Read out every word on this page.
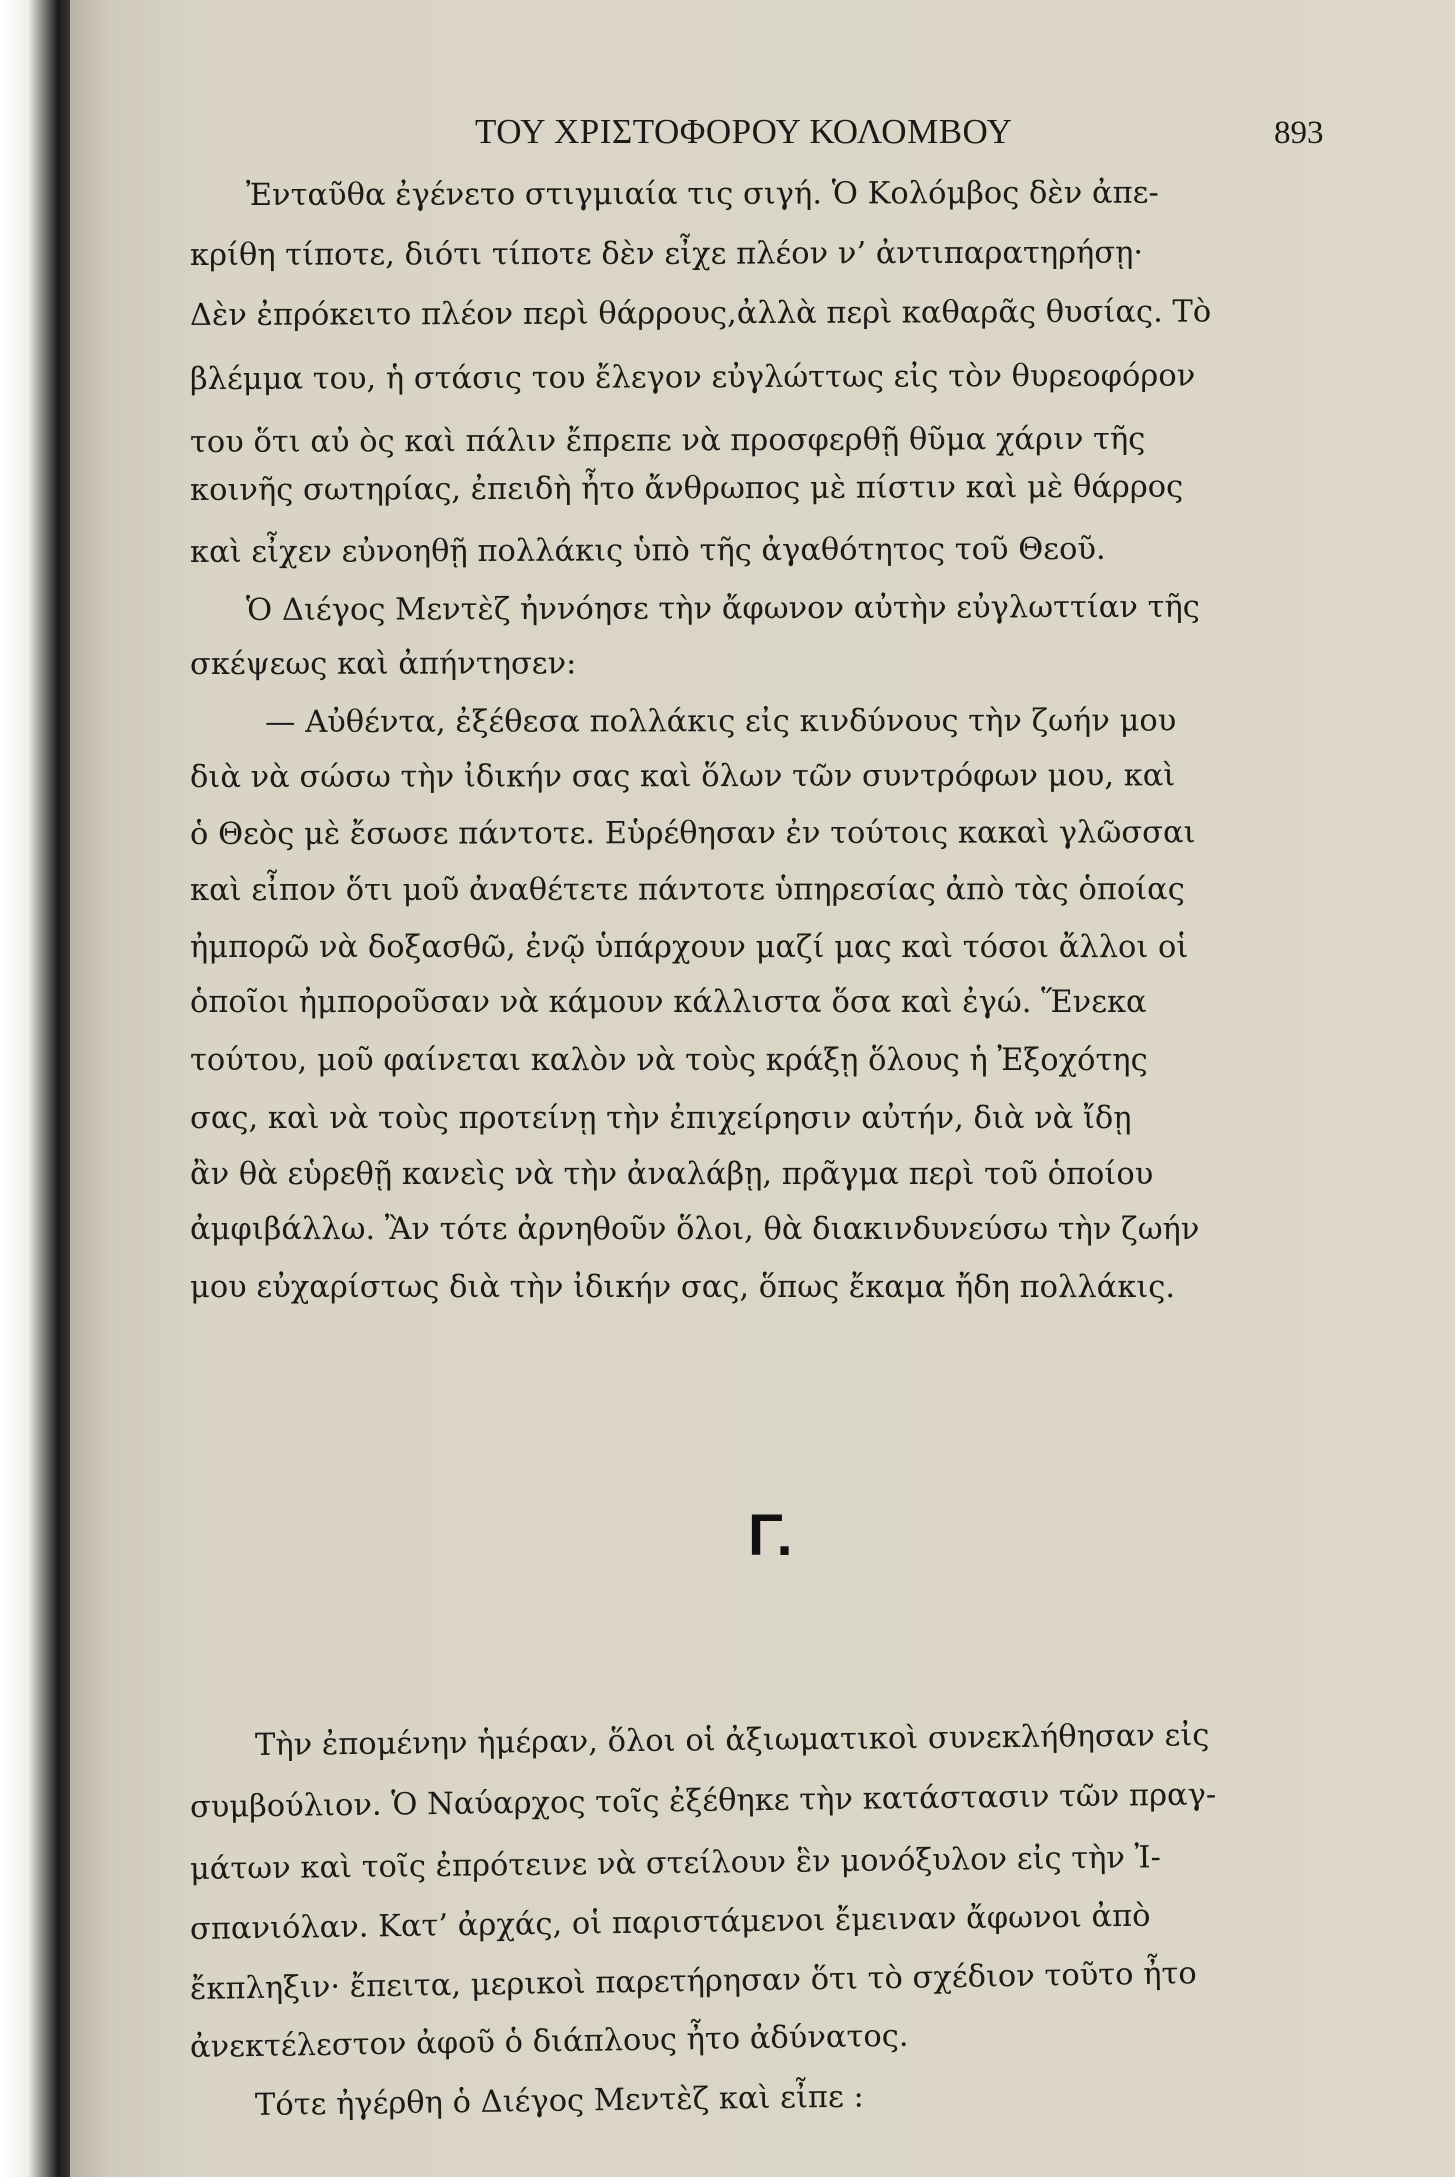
ΤΟΥ ΧΡΙΣΤΟΦΟΡΟΥ ΚΟΛΟΜΒΟΥ	893
Ἐνταῦθα ἐγένετο στιγμιαία τις σιγή. Ὁ Κολόμβος δὲν ἀπε-
κρίθη τίποτε, διότι τίποτε δὲν εἶχε πλέον ν’ ἀντιπαρατηρήσῃ·
Δὲν ἐπρόκειτο πλέον περὶ θάρρους,ἀλλὰ περὶ καθαρᾶς θυσίας. Τὸ
βλέμμα του, ἡ στάσις του ἔλεγον εὐγλώττως εἰς τὸν θυρεοφόρον
του ὅτι αὐ ὸς καὶ πάλιν ἔπρεπε νὰ προσφερθῇ θῦμα χάριν τῆς
κοινῆς σωτηρίας, ἐπειδὴ ἦτο ἄνθρωπος μὲ πίστιν καὶ μὲ θάρρος
καὶ εἶχεν εὐνοηθῇ πολλάκις ὑπὸ τῆς ἀγαθότητος τοῦ Θεοῦ.
Ὁ Διέγος Μεντὲζ ἠννόησε τὴν ἄφωνον αὐτὴν εὐγλωττίαν τῆς
σκέψεως καὶ ἀπήντησεν:
— Αὐθέντα, ἐξέθεσα πολλάκις εἰς κινδύνους τὴν ζωήν μου
διὰ νὰ σώσω τὴν ἰδικήν σας καὶ ὅλων τῶν συντρόφων μου, καὶ
ὁ Θεὸς μὲ ἔσωσε πάντοτε. Εὑρέθησαν ἐν τούτοις κακαὶ γλῶσσαι
καὶ εἶπον ὅτι μοῦ ἀναθέτετε πάντοτε ὑπηρεσίας ἀπὸ τὰς ὁποίας
ἠμπορῶ νὰ δοξασθῶ, ἐνῷ ὑπάρχουν μαζί μας καὶ τόσοι ἄλλοι οἱ
ὁποῖοι ἠμποροῦσαν νὰ κάμουν κάλλιστα ὅσα καὶ ἐγώ. Ἕνεκα
τούτου, μοῦ φαίνεται καλὸν νὰ τοὺς κράξῃ ὅλους ἡ Ἐξοχότης
σας, καὶ νὰ τοὺς προτείνῃ τὴν ἐπιχείρησιν αὐτήν, διὰ νὰ ἴδῃ
ἂν θὰ εὑρεθῇ κανεὶς νὰ τὴν ἀναλάβῃ, πρᾶγμα περὶ τοῦ ὁποίου
ἀμφιβάλλω. Ἂν τότε ἀρνηθοῦν ὅλοι, θὰ διακινδυνεύσω τὴν ζωήν
μου εὐχαρίστως διὰ τὴν ἰδικήν σας, ὅπως ἔκαμα ἤδη πολλάκις.
Γ.
Τὴν ἐπομένην ἡμέραν, ὅλοι οἱ ἀξιωματικοὶ συνεκλήθησαν εἰς
συμβούλιον. Ὁ Ναύαρχος τοῖς ἐξέθηκε τὴν κατάστασιν τῶν πραγ-
μάτων καὶ τοῖς ἐπρότεινε νὰ στείλουν ἓν μονόξυλον εἰς τὴν Ἰ-
σπανιόλαν. Κατ’ ἀρχάς, οἱ παριστάμενοι ἔμειναν ἄφωνοι ἀπὸ
ἔκπληξιν· ἔπειτα, μερικοὶ παρετήρησαν ὅτι τὸ σχέδιον τοῦτο ἦτο
ἀνεκτέλεστον ἀφοῦ ὁ διάπλους ἦτο ἀδύνατος.
Τότε ἠγέρθη ὁ Διέγος Μεντὲζ καὶ εἶπε :
